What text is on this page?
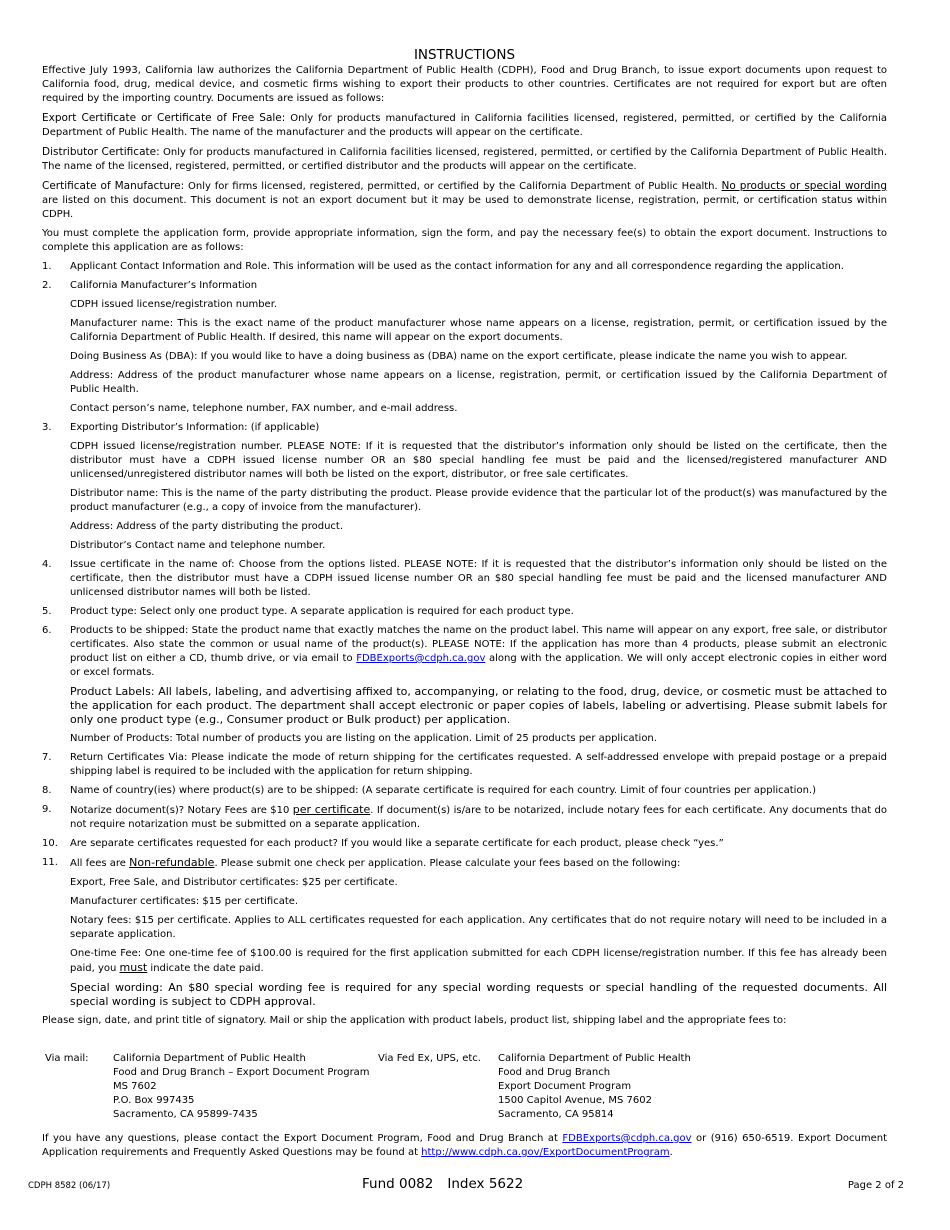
INSTRUCTIONS

Effective July 1993, California law authorizes the California Department of Public Health (CDPH), Food and Drug Branch, to issue export documents upon request to California food, drug, medical device, and cosmetic firms wishing to export their products to other countries. Certificates are not required for export but are often required by the importing country. Documents are issued as follows:

Export Certificate or Certificate of Free Sale: Only for products manufactured in California facilities licensed, registered, permitted, or certified by the California Department of Public Health. The name of the manufacturer and the products will appear on the certificate.

Distributor Certificate: Only for products manufactured in California facilities licensed, registered, permitted, or certified by the California Department of Public Health. The name of the licensed, registered, permitted, or certified distributor and the products will appear on the certificate.

Certificate of Manufacture: Only for firms licensed, registered, permitted, or certified by the California Department of Public Health. No products or special wording are listed on this document. This document is not an export document but it may be used to demonstrate license, registration, permit, or certification status within CDPH.

You must complete the application form, provide appropriate information, sign the form, and pay the necessary fee(s) to obtain the export document. Instructions to complete this application are as follows:

1.	Applicant Contact Information and Role. This information will be used as the contact information for any and all correspondence regarding the application.
2.	California Manufacturer’s Information
CDPH issued license/registration number.
Manufacturer name: This is the exact name of the product manufacturer whose name appears on a license, registration, permit, or certification issued by the California Department of Public Health. If desired, this name will appear on the export documents.
Doing Business As (DBA): If you would like to have a doing business as (DBA) name on the export certificate, please indicate the name you wish to appear.
Address: Address of the product manufacturer whose name appears on a license, registration, permit, or certification issued by the California Department of Public Health.
Contact person’s name, telephone number, FAX number, and e-mail address.
3.	Exporting Distributor’s Information: (if applicable)
CDPH issued license/registration number. PLEASE NOTE: If it is requested that the distributor’s information only should be listed on the certificate, then the distributor must have a CDPH issued license number OR an $80 special handling fee must be paid and the licensed/registered manufacturer AND unlicensed/unregistered distributor names will both be listed on the export, distributor, or free sale certificates.
Distributor name: This is the name of the party distributing the product. Please provide evidence that the particular lot of the product(s) was manufactured by the product manufacturer (e.g., a copy of invoice from the manufacturer).
Address: Address of the party distributing the product.
Distributor’s Contact name and telephone number.
4.	Issue certificate in the name of: Choose from the options listed. PLEASE NOTE: If it is requested that the distributor’s information only should be listed on the certificate, then the distributor must have a CDPH issued license number OR an $80 special handling fee must be paid and the licensed manufacturer AND unlicensed distributor names will both be listed.
5.	Product type: Select only one product type. A separate application is required for each product type.
6.	Products to be shipped: State the product name that exactly matches the name on the product label. This name will appear on any export, free sale, or distributor certificates. Also state the common or usual name of the product(s). PLEASE NOTE: If the application has more than 4 products, please submit an electronic product list on either a CD, thumb drive, or via email to FDBExports@cdph.ca.gov along with the application. We will only accept electronic copies in either word or excel formats.
Product Labels: All labels, labeling, and advertising affixed to, accompanying, or relating to the food, drug, device, or cosmetic must be attached to the application for each product. The department shall accept electronic or paper copies of labels, labeling or advertising. Please submit labels for only one product type (e.g., Consumer product or Bulk product) per application.
Number of Products: Total number of products you are listing on the application. Limit of 25 products per application.
7.	Return Certificates Via: Please indicate the mode of return shipping for the certificates requested. A self-addressed envelope with prepaid postage or a prepaid shipping label is required to be included with the application for return shipping.
8.	Name of country(ies) where product(s) are to be shipped: (A separate certificate is required for each country. Limit of four countries per application.)
9.	Notarize document(s)? Notary Fees are $10 per certificate. If document(s) is/are to be notarized, include notary fees for each certificate. Any documents that do not require notarization must be submitted on a separate application.
10.	Are separate certificates requested for each product? If you would like a separate certificate for each product, please check “yes.”
11.	All fees are Non-refundable. Please submit one check per application. Please calculate your fees based on the following:
Export, Free Sale, and Distributor certificates: $25 per certificate.
Manufacturer certificates: $15 per certificate.
Notary fees: $15 per certificate. Applies to ALL certificates requested for each application. Any certificates that do not require notary will need to be included in a separate application.
One-time Fee: One one-time fee of $100.00 is required for the first application submitted for each CDPH license/registration number. If this fee has already been paid, you must indicate the date paid.
Special wording: An $80 special wording fee is required for any special wording requests or special handling of the requested documents. All special wording is subject to CDPH approval.

Please sign, date, and print title of signatory. Mail or ship the application with product labels, product list, shipping label and the appropriate fees to:

Via mail:	California Department of Public Health
Food and Drug Branch – Export Document Program
MS 7602
P.O. Box 997435
Sacramento, CA 95899-7435
Via Fed Ex, UPS, etc.	California Department of Public Health
Food and Drug Branch
Export Document Program
1500 Capitol Avenue, MS 7602
Sacramento, CA 95814

If you have any questions, please contact the Export Document Program, Food and Drug Branch at FDBExports@cdph.ca.gov or (916) 650-6519. Export Document Application requirements and Frequently Asked Questions may be found at http://www.cdph.ca.gov/ExportDocumentProgram.

CDPH 8582 (06/17)	Fund 0082 Index 5622	Page 2 of 2
